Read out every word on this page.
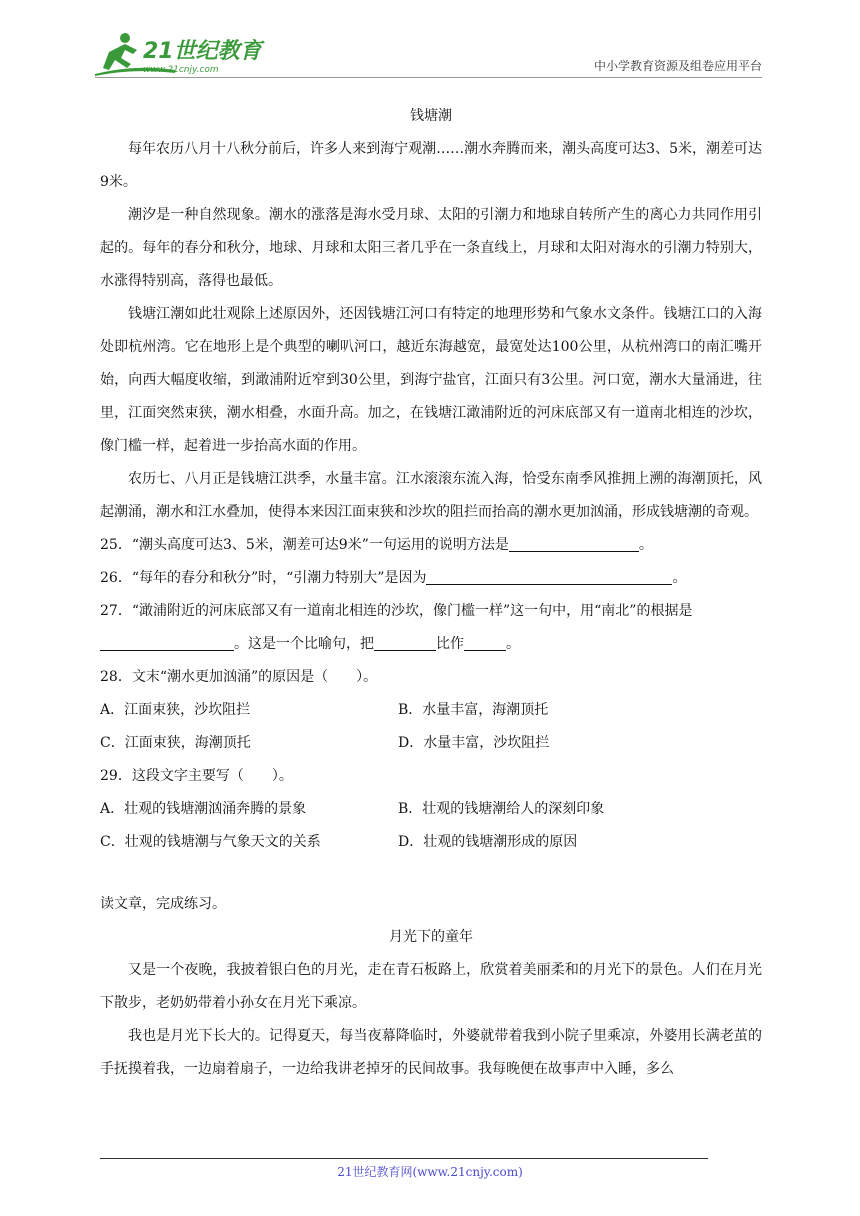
21世纪教育
www.21cnjy.com	中小学教育资源及组卷应用平台
钱塘潮
每年农历八月十八秋分前后，许多人来到海宁观潮……潮水奔腾而来，潮头高度可达3、5米，潮差可达9米。
潮汐是一种自然现象。潮水的涨落是海水受月球、太阳的引潮力和地球自转所产生的离心力共同作用引起的。每年的春分和秋分，地球、月球和太阳三者几乎在一条直线上，月球和太阳对海水的引潮力特别大，水涨得特别高，落得也最低。
钱塘江潮如此壮观除上述原因外，还因钱塘江河口有特定的地理形势和气象水文条件。钱塘江口的入海处即杭州湾。它在地形上是个典型的喇叭河口，越近东海越宽，最宽处达100公里，从杭州湾口的南汇嘴开始，向西大幅度收缩，到澉浦附近窄到30公里，到海宁盐官，江面只有3公里。河口宽，潮水大量涌进，往里，江面突然束狭，潮水相叠，水面升高。加之，在钱塘江澉浦附近的河床底部又有一道南北相连的沙坎，像门槛一样，起着进一步抬高水面的作用。
农历七、八月正是钱塘江洪季，水量丰富。江水滚滚东流入海，恰受东南季风推拥上溯的海潮顶托，风起潮涌，潮水和江水叠加，使得本来因江面束狭和沙坎的阻拦而抬高的潮水更加汹涌，形成钱塘潮的奇观。
25．“潮头高度可达3、5米，潮差可达9米”一句运用的说明方法是	。
26．“每年的春分和秋分”时，“引潮力特别大”是因为	。
27．“澉浦附近的河床底部又有一道南北相连的沙坎，像门槛一样”这一句中，用“南北”的根据是
。这是一个比喻句，把	比作	。
28．文末“潮水更加汹涌”的原因是（　　）。
A．江面束狭，沙坎阻拦	B．水量丰富，海潮顶托
C．江面束狭，海潮顶托	D．水量丰富，沙坎阻拦
29．这段文字主要写（　　）。
A．壮观的钱塘潮汹涌奔腾的景象	B．壮观的钱塘潮给人的深刻印象
C．壮观的钱塘潮与气象天文的关系	D．壮观的钱塘潮形成的原因
读文章，完成练习。
月光下的童年
又是一个夜晚，我披着银白色的月光，走在青石板路上，欣赏着美丽柔和的月光下的景色。人们在月光下散步，老奶奶带着小孙女在月光下乘凉。
我也是月光下长大的。记得夏天，每当夜幕降临时，外婆就带着我到小院子里乘凉，外婆用长满老茧的手抚摸着我，一边扇着扇子，一边给我讲老掉牙的民间故事。我每晚便在故事声中入睡，多么
21世纪教育网(www.21cnjy.com)
